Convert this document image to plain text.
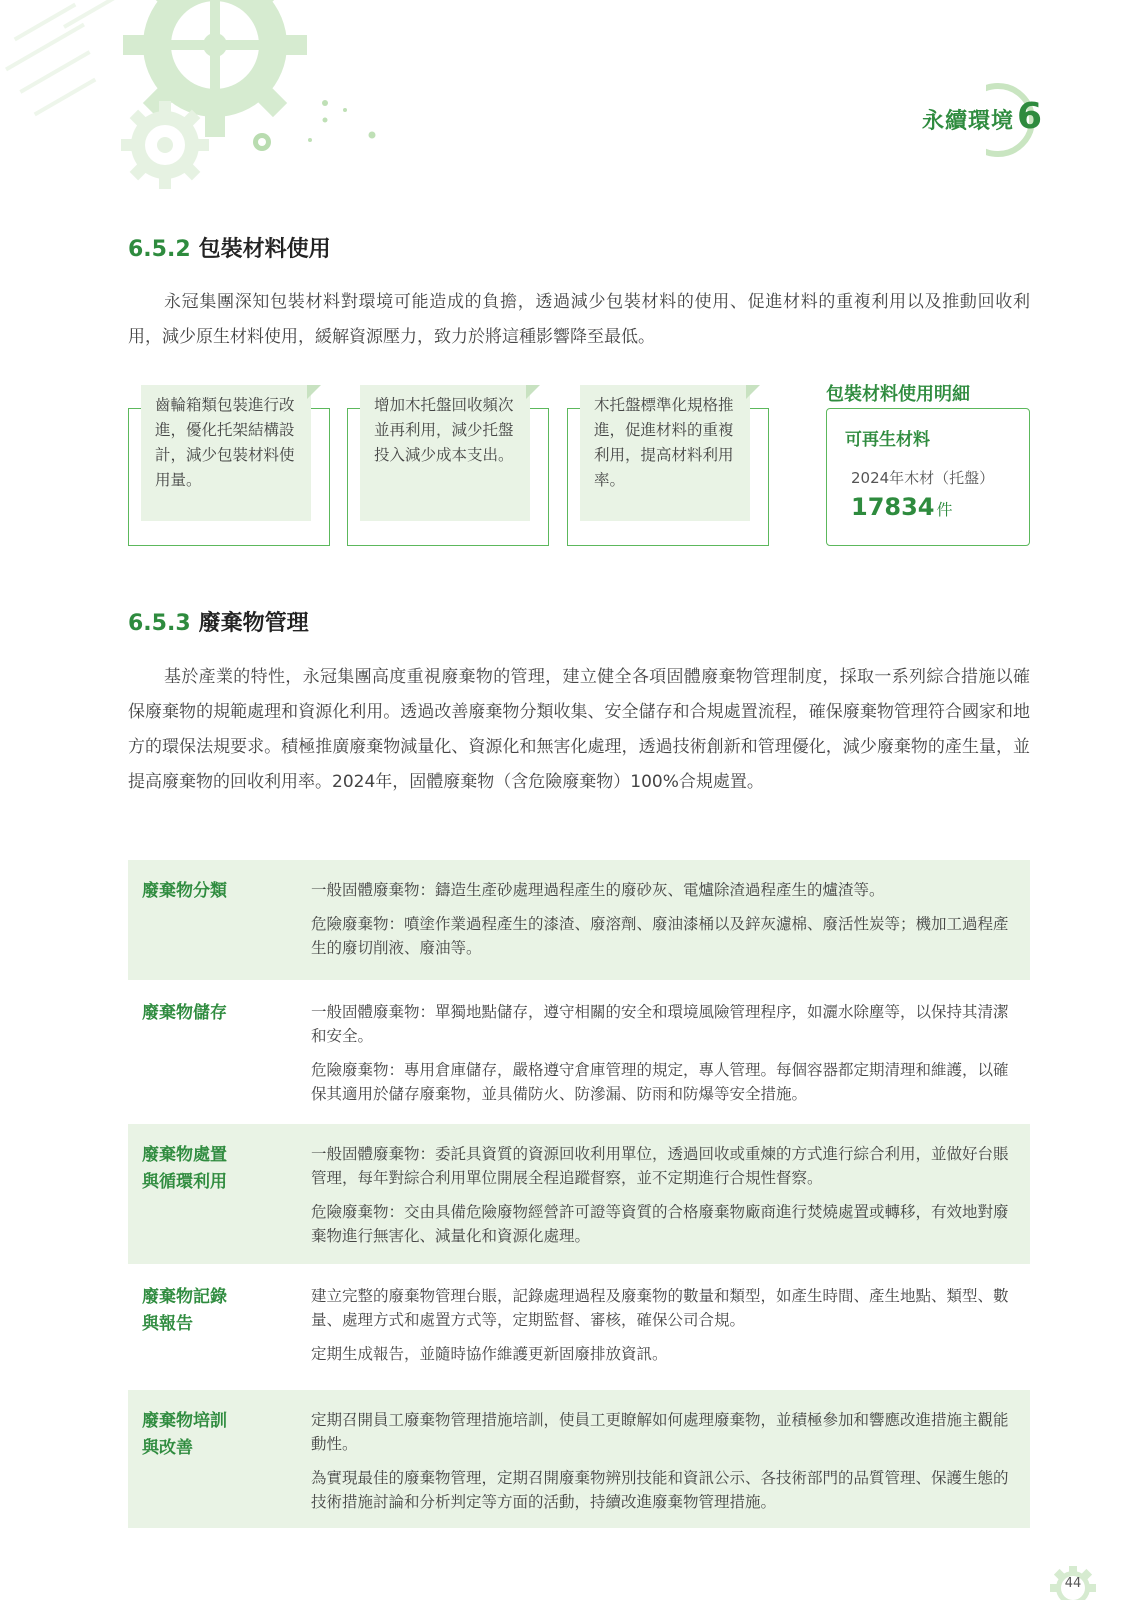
永續環境 6
6.5.2 包裝材料使用
永冠集團深知包裝材料對環境可能造成的負擔，透過減少包裝材料的使用、促進材料的重複利用以及推動回收利用，減少原生材料使用，緩解資源壓力，致力於將這種影響降至最低。
齒輪箱類包裝進行改進，優化托架結構設計，減少包裝材料使用量。
增加木托盤回收頻次並再利用，減少托盤投入減少成本支出。
木托盤標準化規格推進，促進材料的重複利用，提高材料利用率。
包裝材料使用明細
可再生材料
2024年木材（托盤）
17834 件
6.5.3 廢棄物管理
基於產業的特性，永冠集團高度重視廢棄物的管理，建立健全各項固體廢棄物管理制度，採取一系列綜合措施以確保廢棄物的規範處理和資源化利用。透過改善廢棄物分類收集、安全儲存和合規處置流程，確保廢棄物管理符合國家和地方的環保法規要求。積極推廣廢棄物減量化、資源化和無害化處理，透過技術創新和管理優化，減少廢棄物的產生量，並提高廢棄物的回收利用率。2024年，固體廢棄物（含危險廢棄物）100%合規處置。
廢棄物分類	一般固體廢棄物：鑄造生產砂處理過程產生的廢砂灰、電爐除渣過程產生的爐渣等。

危險廢棄物：噴塗作業過程產生的漆渣、廢溶劑、廢油漆桶以及鋅灰濾棉、廢活性炭等；機加工過程產生的廢切削液、廢油等。

廢棄物儲存	一般固體廢棄物：單獨地點儲存，遵守相關的安全和環境風險管理程序，如灑水除塵等，以保持其清潔和安全。

危險廢棄物：專用倉庫儲存，嚴格遵守倉庫管理的規定，專人管理。每個容器都定期清理和維護，以確保其適用於儲存廢棄物，並具備防火、防滲漏、防雨和防爆等安全措施。

廢棄物處置
與循環利用

一般固體廢棄物：委託具資質的資源回收利用單位，透過回收或重煉的方式進行綜合利用，並做好台賬管理，每年對綜合利用單位開展全程追蹤督察，並不定期進行合規性督察。

危險廢棄物：交由具備危險廢物經營許可證等資質的合格廢棄物廠商進行焚燒處置或轉移，有效地對廢棄物進行無害化、減量化和資源化處理。

廢棄物記錄
與報告

建立完整的廢棄物管理台賬，記錄處理過程及廢棄物的數量和類型，如產生時間、產生地點、類型、數量、處理方式和處置方式等，定期監督、審核，確保公司合規。

定期生成報告，並隨時協作維護更新固廢排放資訊。

廢棄物培訓
與改善

定期召開員工廢棄物管理措施培訓，使員工更瞭解如何處理廢棄物，並積極參加和響應改進措施主觀能動性。

為實現最佳的廢棄物管理，定期召開廢棄物辨別技能和資訊公示、各技術部門的品質管理、保護生態的技術措施討論和分析判定等方面的活動，持續改進廢棄物管理措施。

44
